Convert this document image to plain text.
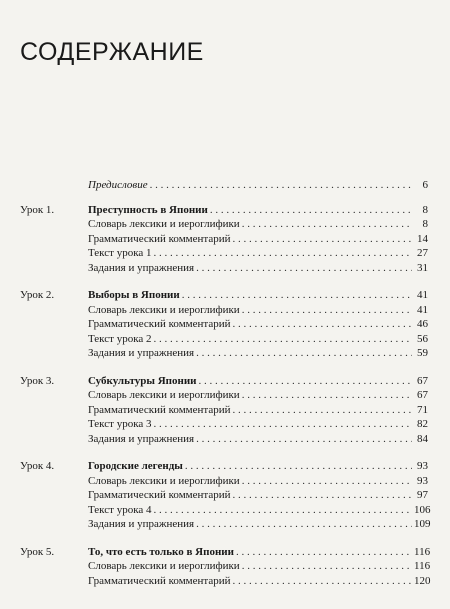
СОДЕРЖАНИЕ
Предисловие . . .	6
Урок 1.	Преступность в Японии . . .	8
Словарь лексики и иероглифики . . .	8
Грамматический комментарий . . .	14
Текст урока 1 . . .	27
Задания и упражнения . . .	31
Урок 2.	Выборы в Японии . . .	41
Словарь лексики и иероглифики . . .	41
Грамматический комментарий . . .	46
Текст урока 2 . . .	56
Задания и упражнения . . .	59
Урок 3.	Субкультуры Японии . . .	67
Словарь лексики и иероглифики . . .	67
Грамматический комментарий . . .	71
Текст урока 3 . . .	82
Задания и упражнения . . .	84
Урок 4.	Городские легенды . . .	93
Словарь лексики и иероглифики . . .	93
Грамматический комментарий . . .	97
Текст урока 4 . . .	106
Задания и упражнения . . .	109
Урок 5.	То, что есть только в Японии . . .	116
Словарь лексики и иероглифики . . .	116
Грамматический комментарий . . .	120
